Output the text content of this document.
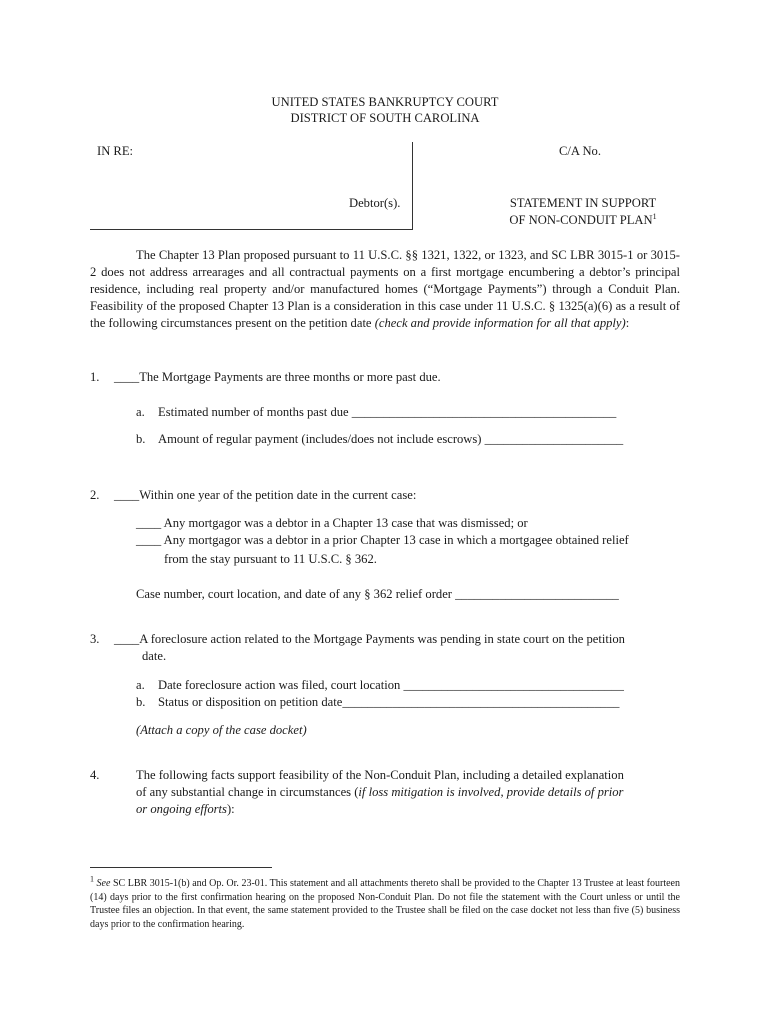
UNITED STATES BANKRUPTCY COURT
DISTRICT OF SOUTH CAROLINA
IN RE:	C/A No.
Debtor(s).	STATEMENT IN SUPPORT
OF NON-CONDUIT PLAN$^1$
The Chapter 13 Plan proposed pursuant to 11 U.S.C. §§ 1321, 1322, or 1323, and SC LBR 3015-1 or 3015-2 does not address arrearages and all contractual payments on a first mortgage encumbering a debtor’s principal residence, including real property and/or manufactured homes (“Mortgage Payments”) through a Conduit Plan. Feasibility of the proposed Chapter 13 Plan is a consideration in this case under 11 U.S.C. § 1325(a)(6) as a result of the following circumstances present on the petition date (check and provide information for all that apply):
1. ____The Mortgage Payments are three months or more past due.
a. Estimated number of months past due __________________________________________
b. Amount of regular payment (includes/does not include escrows) ______________________
2. ____Within one year of the petition date in the current case:
____ Any mortgagor was a debtor in a Chapter 13 case that was dismissed; or
____ Any mortgagor was a debtor in a prior Chapter 13 case in which a mortgagee obtained relief
from the stay pursuant to 11 U.S.C. § 362.
Case number, court location, and date of any § 362 relief order __________________________
3. ____A foreclosure action related to the Mortgage Payments was pending in state court on the petition
date.
a. Date foreclosure action was filed, court location ___________________________________
b. Status or disposition on petition date____________________________________________
(Attach a copy of the case docket)
4.	The following facts support feasibility of the Non-Conduit Plan, including a detailed explanation
of any substantial change in circumstances (if loss mitigation is involved, provide details of prior
or ongoing efforts):
$^1$ See SC LBR 3015-1(b) and Op. Or. 23-01. This statement and all attachments thereto shall be provided to the Chapter 13 Trustee at least fourteen (14) days prior to the first confirmation hearing on the proposed Non-Conduit Plan. Do not file the statement with the Court unless or until the Trustee files an objection. In that event, the same statement provided to the Trustee shall be filed on the case docket not less than five (5) business days prior to the confirmation hearing.
